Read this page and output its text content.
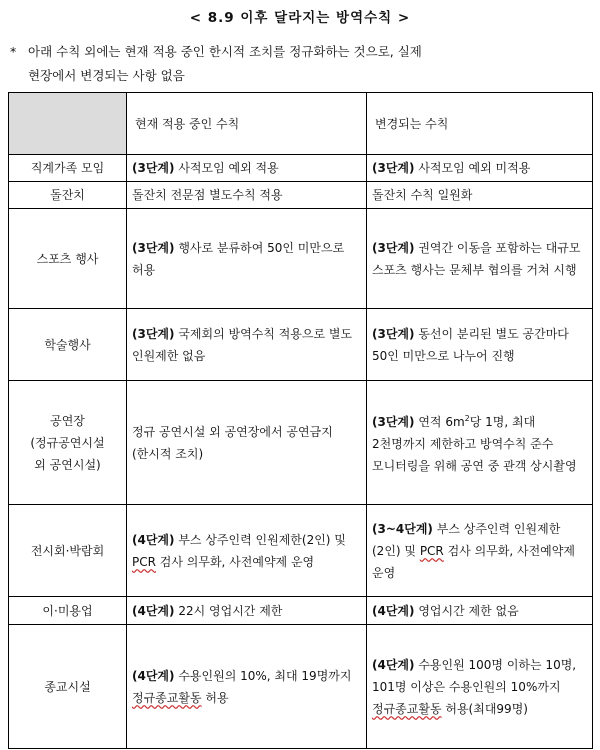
< 8.9 이후 달라지는 방역수칙 >
* 아래 수칙 외에는 현재 적용 중인 한시적 조치를 정규화하는 것으로, 실제
현장에서 변경되는 사항 없음
	현재 적용 중인 수칙	변경되는 수칙
직계가족 모임	(3단계) 사적모임 예외 적용	(3단계) 사적모임 예외 미적용
돌잔치	돌잔치 전문점 별도수칙 적용	돌잔치 수칙 일원화
스포츠 행사	(3단계) 행사로 분류하여 50인 미만으로 허용	(3단계) 권역간 이동을 포함하는 대규모 스포츠 행사는 문체부 협의를 거쳐 시행
학술행사	(3단계) 국제회의 방역수칙 적용으로 별도 인원제한 없음	(3단계) 동선이 분리된 별도 공간마다 50인 미만으로 나누어 진행

공연장
(정규공연시설
외 공연시설)	정규 공연시설 외 공연장에서 공연금지(한시적 조치)	(3단계) 연적 $6m^2$당 1명, 최대 2천명까지 제한하고 방역수칙 준수 모니터링을 위해 공연 중 관객 상시촬영
전시회·박람회	(4단계) 부스 상주인력 인원제한(2인) 및 PCR 검사 의무화, 사전예약제 운영	(3~4단계) 부스 상주인력 인원제한(2인) 및 PCR 검사 의무화, 사전예약제 운영
이·미용업	(4단계) 22시 영업시간 제한	(4단계) 영업시간 제한 없음
종교시설	(4단계) 수용인원의 10%, 최대 19명까지 정규종교활동 허용	(4단계) 수용인원 100명 이하는 10명, 101명 이상은 수용인원의 10%까지 정규종교활동 허용(최대99명)
